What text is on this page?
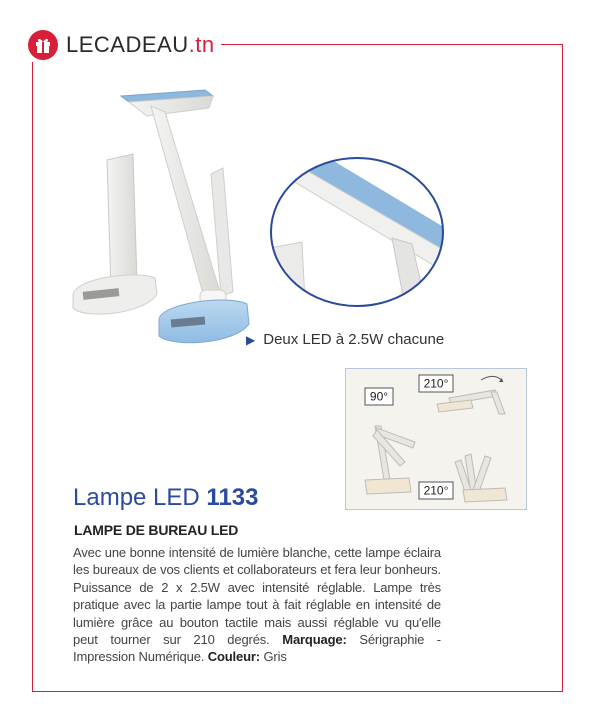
LECADEAU.tn
▶ Deux LED à 2.5W chacune
90°
210°
210°
Lampe LED 1133
LAMPE DE BUREAU LED
Avec une bonne intensité de lumière blanche, cette lampe éclaira les bureaux de vos clients et collaborateurs et fera leur bonheurs. Puissance de 2 x 2.5W avec intensité réglable. Lampe très pratique avec la partie lampe tout à fait réglable en intensité de lumière grâce au bouton tactile mais aussi réglable vu qu'elle peut tourner sur 210 degrés. Marquage: Sérigraphie - Impression Numérique. Couleur: Gris
